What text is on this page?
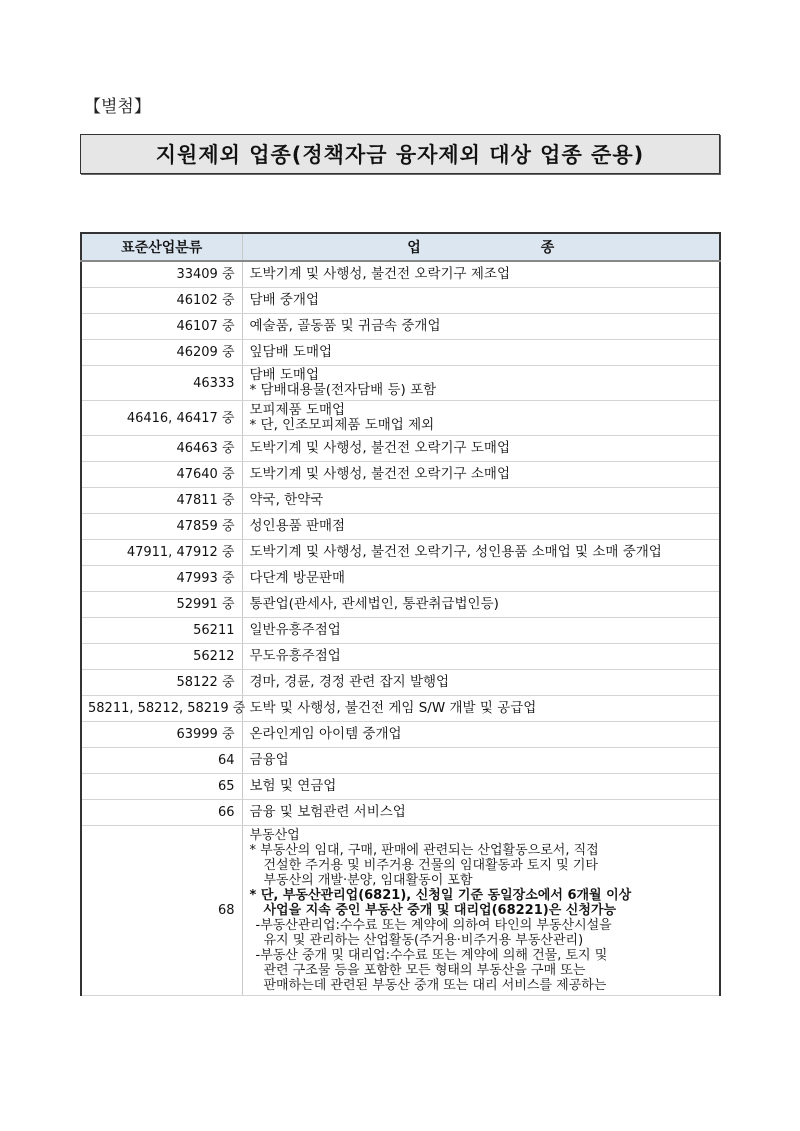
【별첨】
지원제외 업종(정책자금 융자제외 대상 업종 준용)
표준산업분류	업 종
33409 중	도박기계 및 사행성, 불건전 오락기구 제조업

46102 중	담배 중개업

46107 중	예술품, 골동품 및 귀금속 중개업

46209 중	잎담배 도매업

46333	담배 도매업
* 담배대용물(전자담배 등) 포함

46416, 46417 중	모피제품 도매업
* 단, 인조모피제품 도매업 제외

46463 중	도박기계 및 사행성, 불건전 오락기구 도매업

47640 중	도박기계 및 사행성, 불건전 오락기구 소매업

47811 중	약국, 한약국

47859 중	성인용품 판매점

47911, 47912 중	도박기계 및 사행성, 불건전 오락기구, 성인용품 소매업 및 소매 중개업

47993 중	다단계 방문판매

52991 중	통관업(관세사, 관세법인, 통관취급법인등)

56211	일반유흥주점업

56212	무도유흥주점업

58122 중	경마, 경륜, 경정 관련 잡지 발행업

58211, 58212, 58219 중	도박 및 사행성, 불건전 게임 S/W 개발 및 공급업

63999 중	온라인게임 아이템 중개업

64	금융업

65	보험 및 연금업

66	금융 및 보험관련 서비스업

68	
부동산업
* 부동산의 임대, 구매, 판매에 관련되는 산업활동으로서, 직접
건설한 주거용 및 비주거용 건물의 임대활동과 토지 및 기타
부동산의 개발·분양, 임대활동이 포함
* 단, 부동산관리업(6821), 신청일 기준 동일장소에서 6개월 이상
사업을 지속 중인 부동산 중개 및 대리업(68221)은 신청가능
-부동산관리업:수수료 또는 계약에 의하여 타인의 부동산시설을
유지 및 관리하는 산업활동(주거용·비주거용 부동산관리)
-부동산 중개 및 대리업:수수료 또는 계약에 의해 건물, 토지 및
관련 구조물 등을 포함한 모든 형태의 부동산을 구매 또는
판매하는데 관련된 부동산 중개 또는 대리 서비스를 제공하는
